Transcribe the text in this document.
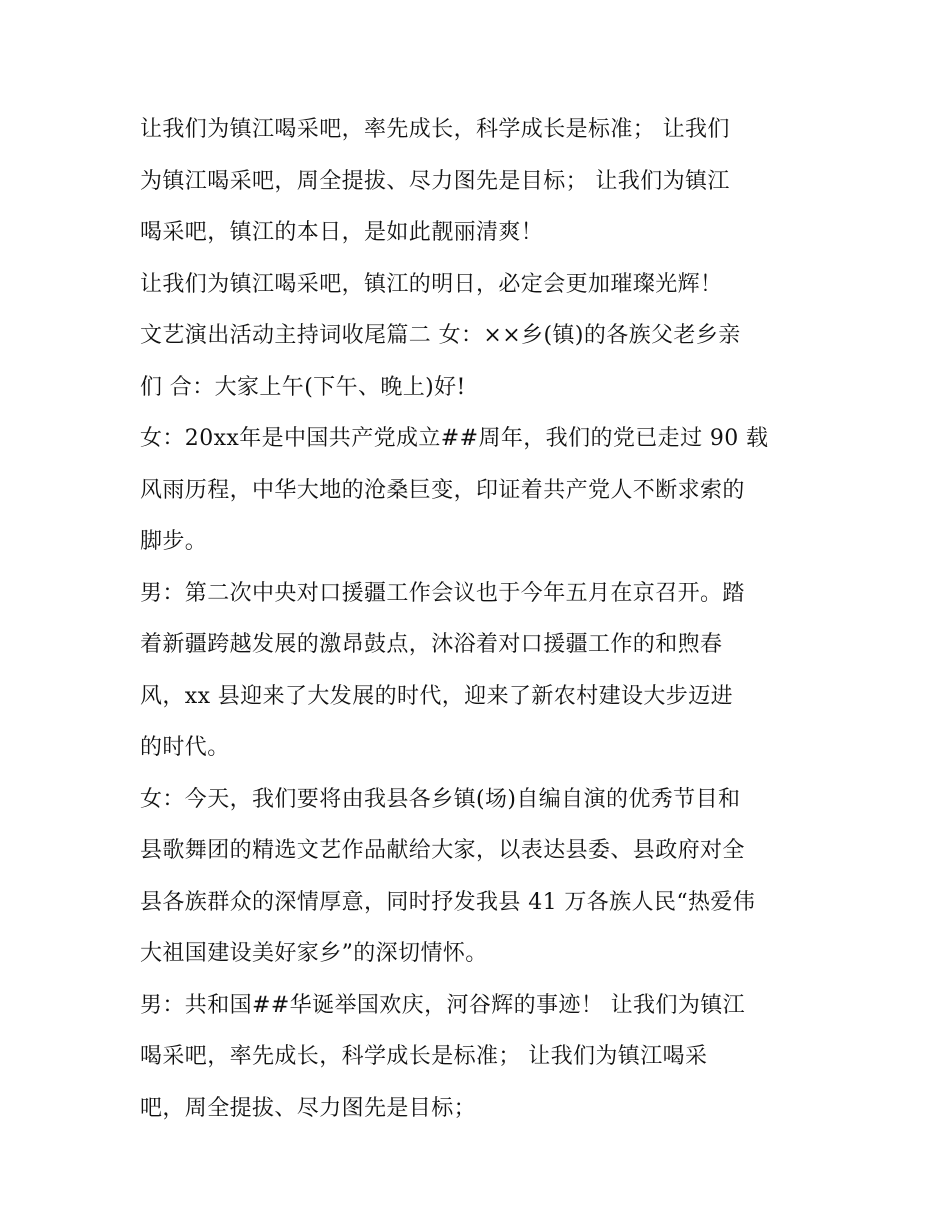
让我们为镇江喝采吧，率先成长，科学成长是标准； 让我们
为镇江喝采吧，周全提拔、尽力图先是目标； 让我们为镇江
喝采吧，镇江的本日，是如此靓丽清爽！
让我们为镇江喝采吧，镇江的明日，必定会更加璀璨光辉！
文艺演出活动主持词收尾篇二 女：××乡(镇)的各族父老乡亲
们 合：大家上午(下午、晚上)好!
女：20xx年是中国共产党成立##周年，我们的党已走过 90 载
风雨历程，中华大地的沧桑巨变，印证着共产党人不断求索的
脚步。
男：第二次中央对口援疆工作会议也于今年五月在京召开。踏
着新疆跨越发展的激昂鼓点，沐浴着对口援疆工作的和煦春
风，xx 县迎来了大发展的时代，迎来了新农村建设大步迈进
的时代。
女：今天，我们要将由我县各乡镇(场)自编自演的优秀节目和
县歌舞团的精选文艺作品献给大家，以表达县委、县政府对全
县各族群众的深情厚意，同时抒发我县 41 万各族人民“热爱伟
大祖国建设美好家乡”的深切情怀。
男：共和国##华诞举国欢庆，河谷辉的事迹！ 让我们为镇江
喝采吧，率先成长，科学成长是标准； 让我们为镇江喝采
吧，周全提拔、尽力图先是目标；
